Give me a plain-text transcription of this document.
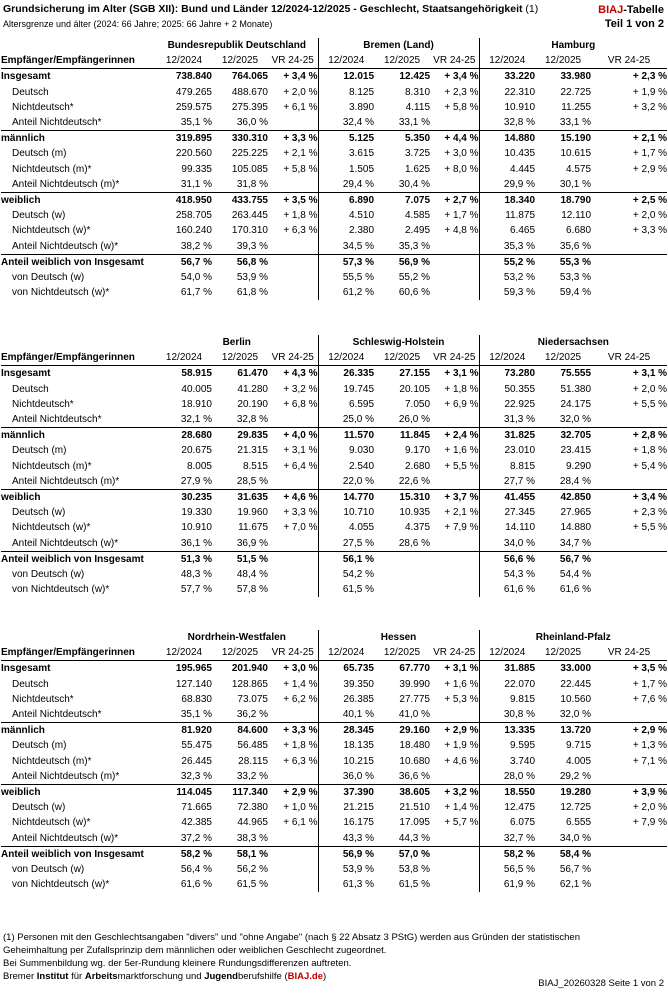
Grundsicherung im Alter (SGB XII): Bund und Länder 12/2024-12/2025 - Geschlecht, Staatsangehörigkeit (1)
Altersgrenze und älter (2024: 66 Jahre; 2025: 66 Jahre + 2 Monate)
BIAJ-Tabelle
Teil 1 von 2
	Bundesrepublik Deutschland			Bremen (Land)			Hamburg		
Empfänger/Empfängerinnen	12/2024	12/2025	VR 24-25	12/2024	12/2025	VR 24-25	12/2024	12/2025	VR 24-25
Insgesamt	738.840	764.065	+ 3,4 %	12.015	12.425	+ 3,4 %	33.220	33.980	+ 2,3 %
Deutsch	479.265	488.670	+ 2,0 %	8.125	8.310	+ 2,3 %	22.310	22.725	+ 1,9 %
Nichtdeutsch*	259.575	275.395	+ 6,1 %	3.890	4.115	+ 5,8 %	10.910	11.255	+ 3,2 %
Anteil Nichtdeutsch*	35,1 %	36,0 %		32,4 %	33,1 %		32,8 %	33,1 %	
männlich	319.895	330.310	+ 3,3 %	5.125	5.350	+ 4,4 %	14.880	15.190	+ 2,1 %
Deutsch (m)	220.560	225.225	+ 2,1 %	3.615	3.725	+ 3,0 %	10.435	10.615	+ 1,7 %
Nichtdeutsch (m)*	99.335	105.085	+ 5,8 %	1.505	1.625	+ 8,0 %	4.445	4.575	+ 2,9 %
Anteil Nichtdeutsch (m)*	31,1 %	31,8 %		29,4 %	30,4 %		29,9 %	30,1 %	
weiblich	418.950	433.755	+ 3,5 %	6.890	7.075	+ 2,7 %	18.340	18.790	+ 2,5 %
Deutsch (w)	258.705	263.445	+ 1,8 %	4.510	4.585	+ 1,7 %	11.875	12.110	+ 2,0 %
Nichtdeutsch (w)*	160.240	170.310	+ 6,3 %	2.380	2.495	+ 4,8 %	6.465	6.680	+ 3,3 %
Anteil Nichtdeutsch (w)*	38,2 %	39,3 %		34,5 %	35,3 %		35,3 %	35,6 %	
Anteil weiblich von Insgesamt	56,7 %	56,8 %		57,3 %	56,9 %		55,2 %	55,3 %	
von Deutsch (w)	54,0 %	53,9 %		55,5 %	55,2 %		53,2 %	53,3 %	
von Nichtdeutsch (w)*	61,7 %	61,8 %		61,2 %	60,6 %		59,3 %	59,4 %	
	Berlin			Schleswig-Holstein			Niedersachsen		
Empfänger/Empfängerinnen	12/2024	12/2025	VR 24-25	12/2024	12/2025	VR 24-25	12/2024	12/2025	VR 24-25
Insgesamt	58.915	61.470	+ 4,3 %	26.335	27.155	+ 3,1 %	73.280	75.555	+ 3,1 %
Deutsch	40.005	41.280	+ 3,2 %	19.745	20.105	+ 1,8 %	50.355	51.380	+ 2,0 %
Nichtdeutsch*	18.910	20.190	+ 6,8 %	6.595	7.050	+ 6,9 %	22.925	24.175	+ 5,5 %
Anteil Nichtdeutsch*	32,1 %	32,8 %		25,0 %	26,0 %		31,3 %	32,0 %	
männlich	28.680	29.835	+ 4,0 %	11.570	11.845	+ 2,4 %	31.825	32.705	+ 2,8 %
Deutsch (m)	20.675	21.315	+ 3,1 %	9.030	9.170	+ 1,6 %	23.010	23.415	+ 1,8 %
Nichtdeutsch (m)*	8.005	8.515	+ 6,4 %	2.540	2.680	+ 5,5 %	8.815	9.290	+ 5,4 %
Anteil Nichtdeutsch (m)*	27,9 %	28,5 %		22,0 %	22,6 %		27,7 %	28,4 %	
weiblich	30.235	31.635	+ 4,6 %	14.770	15.310	+ 3,7 %	41.455	42.850	+ 3,4 %
Deutsch (w)	19.330	19.960	+ 3,3 %	10.710	10.935	+ 2,1 %	27.345	27.965	+ 2,3 %
Nichtdeutsch (w)*	10.910	11.675	+ 7,0 %	4.055	4.375	+ 7,9 %	14.110	14.880	+ 5,5 %
Anteil Nichtdeutsch (w)*	36,1 %	36,9 %		27,5 %	28,6 %		34,0 %	34,7 %	
Anteil weiblich von Insgesamt	51,3 %	51,5 %		56,1 %			56,6 %	56,7 %	
von Deutsch (w)	48,3 %	48,4 %		54,2 %			54,3 %	54,4 %	
von Nichtdeutsch (w)*	57,7 %	57,8 %		61,5 %			61,6 %	61,6 %	
	Nordrhein-Westfalen			Hessen			Rheinland-Pfalz		
Empfänger/Empfängerinnen	12/2024	12/2025	VR 24-25	12/2024	12/2025	VR 24-25	12/2024	12/2025	VR 24-25
Insgesamt	195.965	201.940	+ 3,0 %	65.735	67.770	+ 3,1 %	31.885	33.000	+ 3,5 %
Deutsch	127.140	128.865	+ 1,4 %	39.350	39.990	+ 1,6 %	22.070	22.445	+ 1,7 %
Nichtdeutsch*	68.830	73.075	+ 6,2 %	26.385	27.775	+ 5,3 %	9.815	10.560	+ 7,6 %
Anteil Nichtdeutsch*	35,1 %	36,2 %		40,1 %	41,0 %		30,8 %	32,0 %	
männlich	81.920	84.600	+ 3,3 %	28.345	29.160	+ 2,9 %	13.335	13.720	+ 2,9 %
Deutsch (m)	55.475	56.485	+ 1,8 %	18.135	18.480	+ 1,9 %	9.595	9.715	+ 1,3 %
Nichtdeutsch (m)*	26.445	28.115	+ 6,3 %	10.215	10.680	+ 4,6 %	3.740	4.005	+ 7,1 %
Anteil Nichtdeutsch (m)*	32,3 %	33,2 %		36,0 %	36,6 %		28,0 %	29,2 %	
weiblich	114.045	117.340	+ 2,9 %	37.390	38.605	+ 3,2 %	18.550	19.280	+ 3,9 %
Deutsch (w)	71.665	72.380	+ 1,0 %	21.215	21.510	+ 1,4 %	12.475	12.725	+ 2,0 %
Nichtdeutsch (w)*	42.385	44.965	+ 6,1 %	16.175	17.095	+ 5,7 %	6.075	6.555	+ 7,9 %
Anteil Nichtdeutsch (w)*	37,2 %	38,3 %		43,3 %	44,3 %		32,7 %	34,0 %	
Anteil weiblich von Insgesamt	58,2 %	58,1 %		56,9 %	57,0 %		58,2 %	58,4 %	
von Deutsch (w)	56,4 %	56,2 %		53,9 %	53,8 %		56,5 %	56,7 %	
von Nichtdeutsch (w)*	61,6 %	61,5 %		61,3 %	61,5 %		61,9 %	62,1 %	
(1) Personen mit den Geschlechtsangaben "divers" und "ohne Angabe" (nach § 22 Absatz 3 PStG) werden aus Gründen der statistischen
Geheimhaltung per Zufallsprinzip dem männlichen oder weiblichen Geschlecht zugeordnet.
Bei Summenbildung wg. der 5er-Rundung kleinere Rundungsdifferenzen auftreten.
Bremer Institut für Arbeitsmarktforschung und Jugendberufshilfe (BIAJ.de)
BIAJ_20260328 Seite 1 von 2
